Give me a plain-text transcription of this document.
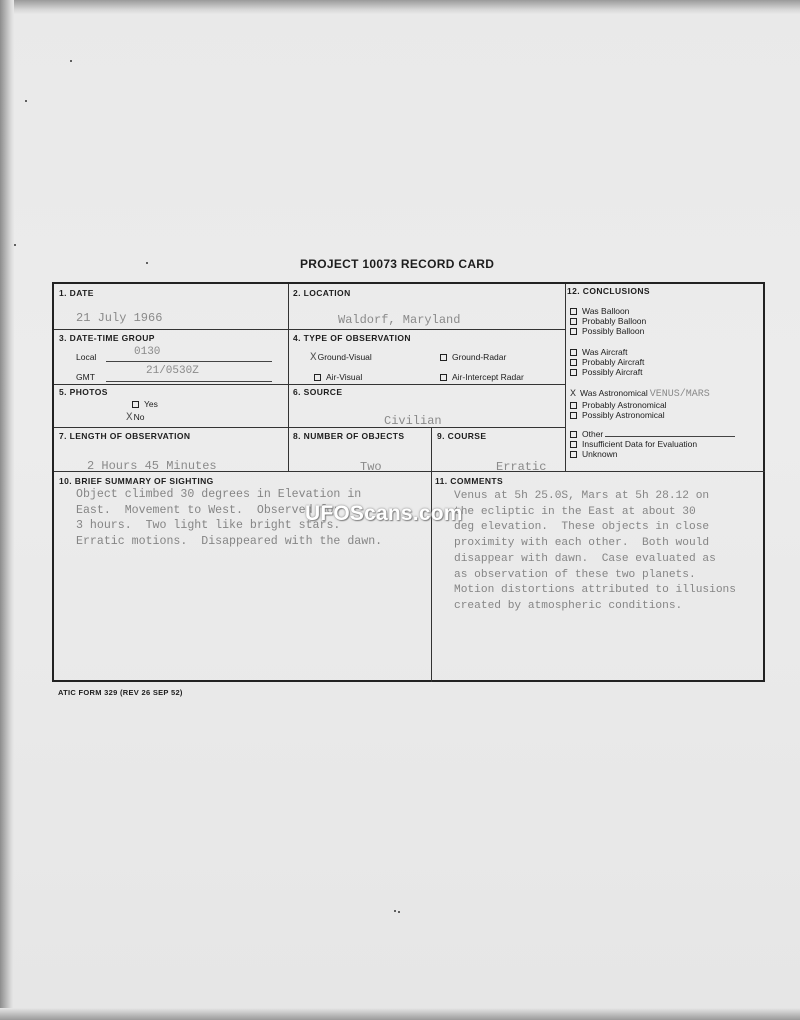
PROJECT 10073 RECORD CARD
1. DATE
21 July 1966
2. LOCATION
Waldorf, Maryland
3. DATE-TIME GROUP
Local	0130
GMT	21/0530Z
4. TYPE OF OBSERVATION
XGround-Visual	Ground-Radar
Air-Visual	Air-Intercept Radar
5. PHOTOS
Yes
XNo
6. SOURCE
Civilian
7. LENGTH OF OBSERVATION
2 Hours 45 Minutes
8. NUMBER OF OBJECTS
Two
9. COURSE
Erratic
10. BRIEF SUMMARY OF SIGHTING
Object climbed 30 degrees in Elevation in
East.  Movement to West.  Observed for
3 hours.  Two light like bright stars.
Erratic motions.  Disappeared with the dawn.
11. COMMENTS
Venus at 5h 25.0S, Mars at 5h 28.12 on
the ecliptic in the East at about 30
deg elevation.  These objects in close
proximity with each other.  Both would
disappear with dawn.  Case evaluated as
as observation of these two planets.
Motion distortions attributed to illusions
created by atmospheric conditions.
12. CONCLUSIONS
Was Balloon
Probably Balloon
Possibly Balloon
Was Aircraft
Probably Aircraft
Possibly Aircraft
X Was Astronomical VENUS/MARS
Probably Astronomical
Possibly Astronomical
Other
Insufficient Data for Evaluation
Unknown
ATIC FORM 329 (REV 26 SEP 52)
UFOScans.com
